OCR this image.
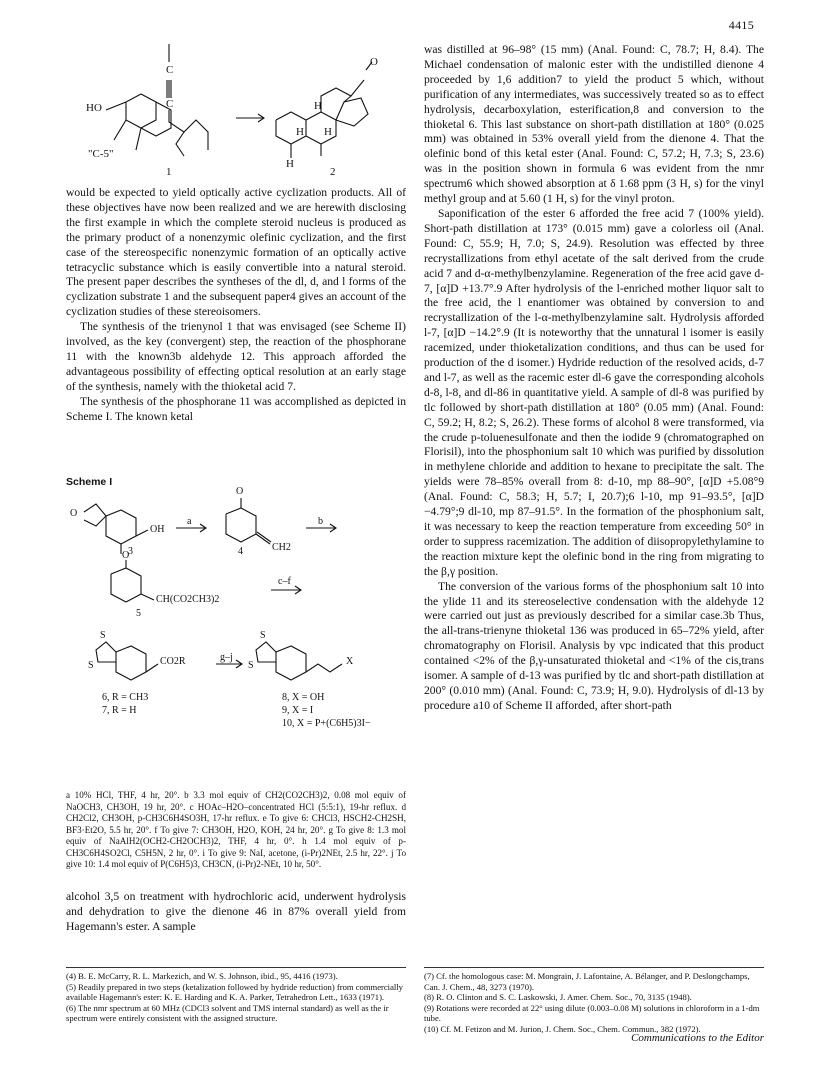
4415
C
C
HO
"C-5"
O
H
H H
H
1	2

would be expected to yield optically active cyclization products. All of these objectives have now been realized and we are herewith disclosing the first example in which the complete steroid nucleus is produced as the primary product of a nonenzymic olefinic cyclization, and the first case of the stereospecific nonenzymic formation of an optically active tetracyclic substance which is easily convertible into a natural steroid. The present paper describes the syntheses of the dl, d, and l forms of the cyclization substrate 1 and the subsequent paper4 gives an account of the cyclization studies of these stereoisomers.

The synthesis of the trienynol 1 that was envisaged (see Scheme II) involved, as the key (convergent) step, the reaction of the phosphorane 11 with the known3b aldehyde 12. This approach afforded the advantageous possibility of effecting optical resolution at an early stage of the synthesis, namely with the thioketal acid 7.

The synthesis of the phosphorane 11 was accomplished as depicted in Scheme I. The known ketal

Scheme I
O
OH
3
a
O
CH2
4
b
O
CH(CO2CH3)2
5
c–f
S
S	CO2R	g–j
S
S	X
6, R = CH3
7, R = H
8, X = OH
9, X = I
10, X = P+(C6H5)3I−
a 10% HCl, THF, 4 hr, 20°. b 3.3 mol equiv of CH2(CO2CH3)2, 0.08 mol equiv of NaOCH3, CH3OH, 19 hr, 20°. c HOAc–H2O–concentrated HCl (5:5:1), 19-hr reflux. d CH2Cl2, CH3OH, p-CH3C6H4SO3H, 17-hr reflux. e To give 6: CHCl3, HSCH2-CH2SH, BF3·Et2O, 5.5 hr, 20°. f To give 7: CH3OH, H2O, KOH, 24 hr, 20°. g To give 8: 1.3 mol equiv of NaAlH2(OCH2-CH2OCH3)2, THF, 4 hr, 0°. h 1.4 mol equiv of p-CH3C6H4SO2Cl, C5H5N, 2 hr, 0°. i To give 9: NaI, acetone, (i-Pr)2NEt, 2.5 hr, 22°. j To give 10: 1.4 mol equiv of P(C6H5)3, CH3CN, (i-Pr)2-NEt, 10 hr, 50°.

alcohol 3,5 on treatment with hydrochloric acid, underwent hydrolysis and dehydration to give the dienone 46 in 87% overall yield from Hagemann's ester. A sample

was distilled at 96–98° (15 mm) (Anal. Found: C, 78.7; H, 8.4). The Michael condensation of malonic ester with the undistilled dienone 4 proceeded by 1,6 addition7 to yield the product 5 which, without purification of any intermediates, was successively treated so as to effect hydrolysis, decarboxylation, esterification,8 and conversion to the thioketal 6. This last substance on short-path distillation at 180° (0.025 mm) was obtained in 53% overall yield from the dienone 4. That the olefinic bond of this ketal ester (Anal. Found: C, 57.2; H, 7.3; S, 23.6) was in the position shown in formula 6 was evident from the nmr spectrum6 which showed absorption at δ 1.68 ppm (3 H, s) for the vinyl methyl group and at 5.60 (1 H, s) for the vinyl proton.

Saponification of the ester 6 afforded the free acid 7 (100% yield). Short-path distillation at 173° (0.015 mm) gave a colorless oil (Anal. Found: C, 55.9; H, 7.0; S, 24.9). Resolution was effected by three recrystallizations from ethyl acetate of the salt derived from the crude acid 7 and d-α-methylbenzylamine. Regeneration of the free acid gave d-7, [α]D +13.7°.9 After hydrolysis of the l-enriched mother liquor salt to the free acid, the l enantiomer was obtained by conversion to and recrystallization of the l-α-methylbenzylamine salt. Hydrolysis afforded l-7, [α]D −14.2°.9 (It is noteworthy that the unnatural l isomer is easily racemized, under thioketalization conditions, and thus can be used for production of the d isomer.) Hydride reduction of the resolved acids, d-7 and l-7, as well as the racemic ester dl-6 gave the corresponding alcohols d-8, l-8, and dl-86 in quantitative yield. A sample of dl-8 was purified by tlc followed by short-path distillation at 180° (0.05 mm) (Anal. Found: C, 59.2; H, 8.2; S, 26.2). These forms of alcohol 8 were transformed, via the crude p-toluenesulfonate and then the iodide 9 (chromatographed on Florisil), into the phosphonium salt 10 which was purified by dissolution in methylene chloride and addition to hexane to precipitate the salt. The yields were 78–85% overall from 8: d-10, mp 88–90°, [α]D +5.08°9 (Anal. Found: C, 58.3; H, 5.7; I, 20.7);6 l-10, mp 91–93.5°, [α]D −4.79°;9 dl-10, mp 87–91.5°. In the formation of the phosphonium salt, it was necessary to keep the reaction temperature from exceeding 50° in order to suppress racemization. The addition of diisopropylethylamine to the reaction mixture kept the olefinic bond in the ring from migrating to the β,γ position.

The conversion of the various forms of the phosphonium salt 10 into the ylide 11 and its stereoselective condensation with the aldehyde 12 were carried out just as previously described for a similar case.3b Thus, the all-trans-trienyne thioketal 136 was produced in 65–72% yield, after chromatography on Florisil. Analysis by vpc indicated that this product contained <2% of the β,γ-unsaturated thioketal and <1% of the cis,trans isomer. A sample of d-13 was purified by tlc and short-path distillation at 200° (0.010 mm) (Anal. Found: C, 73.9; H, 9.0). Hydrolysis of dl-13 by procedure a10 of Scheme II afforded, after short-path

(4) B. E. McCarry, R. L. Markezich, and W. S. Johnson, ibid., 95, 4416 (1973).

(5) Readily prepared in two steps (ketalization followed by hydride reduction) from commercially available Hagemann's ester: K. E. Harding and K. A. Parker, Tetrahedron Lett., 1633 (1971).

(6) The nmr spectrum at 60 MHz (CDCl3 solvent and TMS internal standard) as well as the ir spectrum were entirely consistent with the assigned structure.

(7) Cf. the homologous case: M. Mongrain, J. Lafontaine, A. Bélanger, and P. Deslongchamps, Can. J. Chem., 48, 3273 (1970).

(8) R. O. Clinton and S. C. Laskowski, J. Amer. Chem. Soc., 70, 3135 (1948).

(9) Rotations were recorded at 22° using dilute (0.003–0.08 M) solutions in chloroform in a 1-dm tube.

(10) Cf. M. Fetizon and M. Jurion, J. Chem. Soc., Chem. Commun., 382 (1972).

Communications to the Editor
